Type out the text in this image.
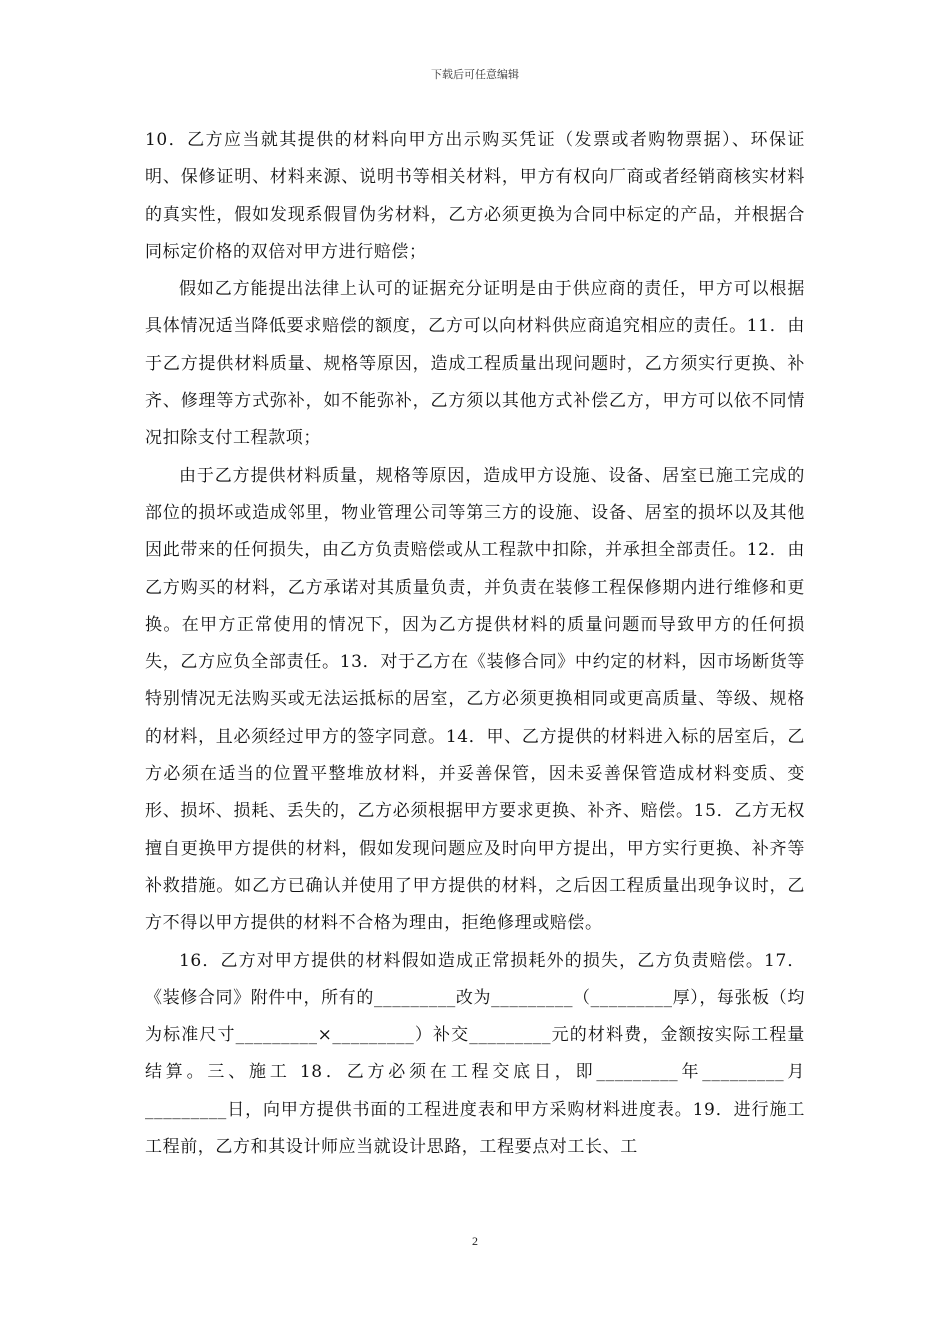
下载后可任意编辑

10．乙方应当就其提供的材料向甲方出示购买凭证（发票或者购物票据）、环保证明、保修证明、材料来源、说明书等相关材料，甲方有权向厂商或者经销商核实材料的真实性，假如发现系假冒伪劣材料，乙方必须更换为合同中标定的产品，并根据合同标定价格的双倍对甲方进行赔偿；

假如乙方能提出法律上认可的证据充分证明是由于供应商的责任，甲方可以根据具体情况适当降低要求赔偿的额度，乙方可以向材料供应商追究相应的责任。11．由于乙方提供材料质量、规格等原因，造成工程质量出现问题时，乙方须实行更换、补齐、修理等方式弥补，如不能弥补，乙方须以其他方式补偿乙方，甲方可以依不同情况扣除支付工程款项；

由于乙方提供材料质量，规格等原因，造成甲方设施、设备、居室已施工完成的部位的损坏或造成邻里，物业管理公司等第三方的设施、设备、居室的损坏以及其他因此带来的任何损失，由乙方负责赔偿或从工程款中扣除，并承担全部责任。12．由乙方购买的材料，乙方承诺对其质量负责，并负责在装修工程保修期内进行维修和更换。在甲方正常使用的情况下，因为乙方提供材料的质量问题而导致甲方的任何损失，乙方应负全部责任。13．对于乙方在《装修合同》中约定的材料，因市场断货等特别情况无法购买或无法运抵标的居室，乙方必须更换相同或更高质量、等级、规格的材料，且必须经过甲方的签字同意。14．甲、乙方提供的材料进入标的居室后，乙方必须在适当的位置平整堆放材料，并妥善保管，因未妥善保管造成材料变质、变形、损坏、损耗、丢失的，乙方必须根据甲方要求更换、补齐、赔偿。15．乙方无权擅自更换甲方提供的材料，假如发现问题应及时向甲方提出，甲方实行更换、补齐等补救措施。如乙方已确认并使用了甲方提供的材料，之后因工程质量出现争议时，乙方不得以甲方提供的材料不合格为理由，拒绝修理或赔偿。

16．乙方对甲方提供的材料假如造成正常损耗外的损失，乙方负责赔偿。17．《装修合同》附件中，所有的_________改为_________（_________厚），每张板（均为标准尺寸_________×_________）补交_________元的材料费，金额按实际工程量结算。三、施工 18．乙方必须在工程交底日，即_________年_________月_________日，向甲方提供书面的工程进度表和甲方采购材料进度表。19．进行施工工程前，乙方和其设计师应当就设计思路，工程要点对工长、工

2
